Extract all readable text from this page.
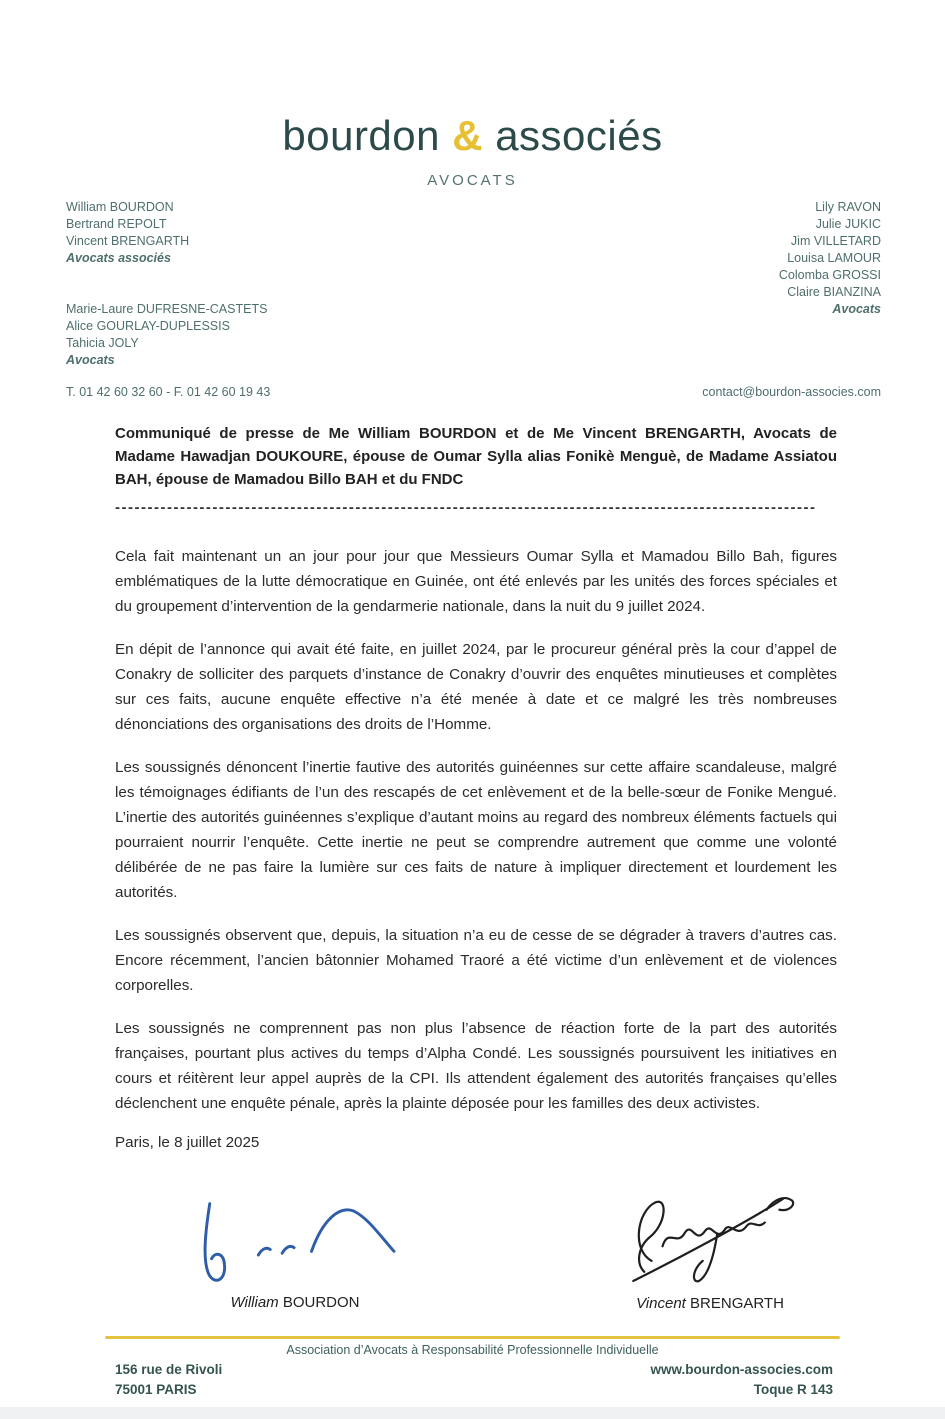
bourdon & associés
AVOCATS
William BOURDON
Bertrand REPOLT
Vincent BRENGARTH
Avocats associés
Marie-Laure DUFRESNE-CASTETS
Alice GOURLAY-DUPLESSIS
Tahicia JOLY
Avocats
Lily RAVON
Julie JUKIC
Jim VILLETARD
Louisa LAMOUR
Colomba GROSSI
Claire BIANZINA
Avocats
T. 01 42 60 32 60 - F. 01 42 60 19 43	contact@bourdon-associes.com
Communiqué de presse de Me William BOURDON et de Me Vincent BRENGARTH, Avocats de Madame Hawadjan DOUKOURE, épouse de Oumar Sylla alias Fonikè Menguè, de Madame Assiatou BAH, épouse de Mamadou Billo BAH et du FNDC
------------------------------------------------------------------------------------------------------------

Cela fait maintenant un an jour pour jour que Messieurs Oumar Sylla et Mamadou Billo Bah, figures emblématiques de la lutte démocratique en Guinée, ont été enlevés par les unités des forces spéciales et du groupement d’intervention de la gendarmerie nationale, dans la nuit du 9 juillet 2024.

En dépit de l’annonce qui avait été faite, en juillet 2024, par le procureur général près la cour d’appel de Conakry de solliciter des parquets d’instance de Conakry d’ouvrir des enquêtes minutieuses et complètes sur ces faits, aucune enquête effective n’a été menée à date et ce malgré les très nombreuses dénonciations des organisations des droits de l’Homme.

Les soussignés dénoncent l’inertie fautive des autorités guinéennes sur cette affaire scandaleuse, malgré les témoignages édifiants de l’un des rescapés de cet enlèvement et de la belle-sœur de Fonike Mengué. L’inertie des autorités guinéennes s’explique d’autant moins au regard des nombreux éléments factuels qui pourraient nourrir l’enquête. Cette inertie ne peut se comprendre autrement que comme une volonté délibérée de ne pas faire la lumière sur ces faits de nature à impliquer directement et lourdement les autorités.

Les soussignés observent que, depuis, la situation n’a eu de cesse de se dégrader à travers d’autres cas. Encore récemment, l’ancien bâtonnier Mohamed Traoré a été victime d’un enlèvement et de violences corporelles.

Les soussignés ne comprennent pas non plus l’absence de réaction forte de la part des autorités françaises, pourtant plus actives du temps d’Alpha Condé. Les soussignés poursuivent les initiatives en cours et réitèrent leur appel auprès de la CPI. Ils attendent également des autorités françaises qu’elles déclenchent une enquête pénale, après la plainte déposée pour les familles des deux activistes.

Paris, le 8 juillet 2025
William BOURDON	Vincent BRENGARTH
Association d’Avocats à Responsabilité Professionnelle Individuelle
156 rue de Rivoli
75001 PARIS
www.bourdon-associes.com
Toque R 143
